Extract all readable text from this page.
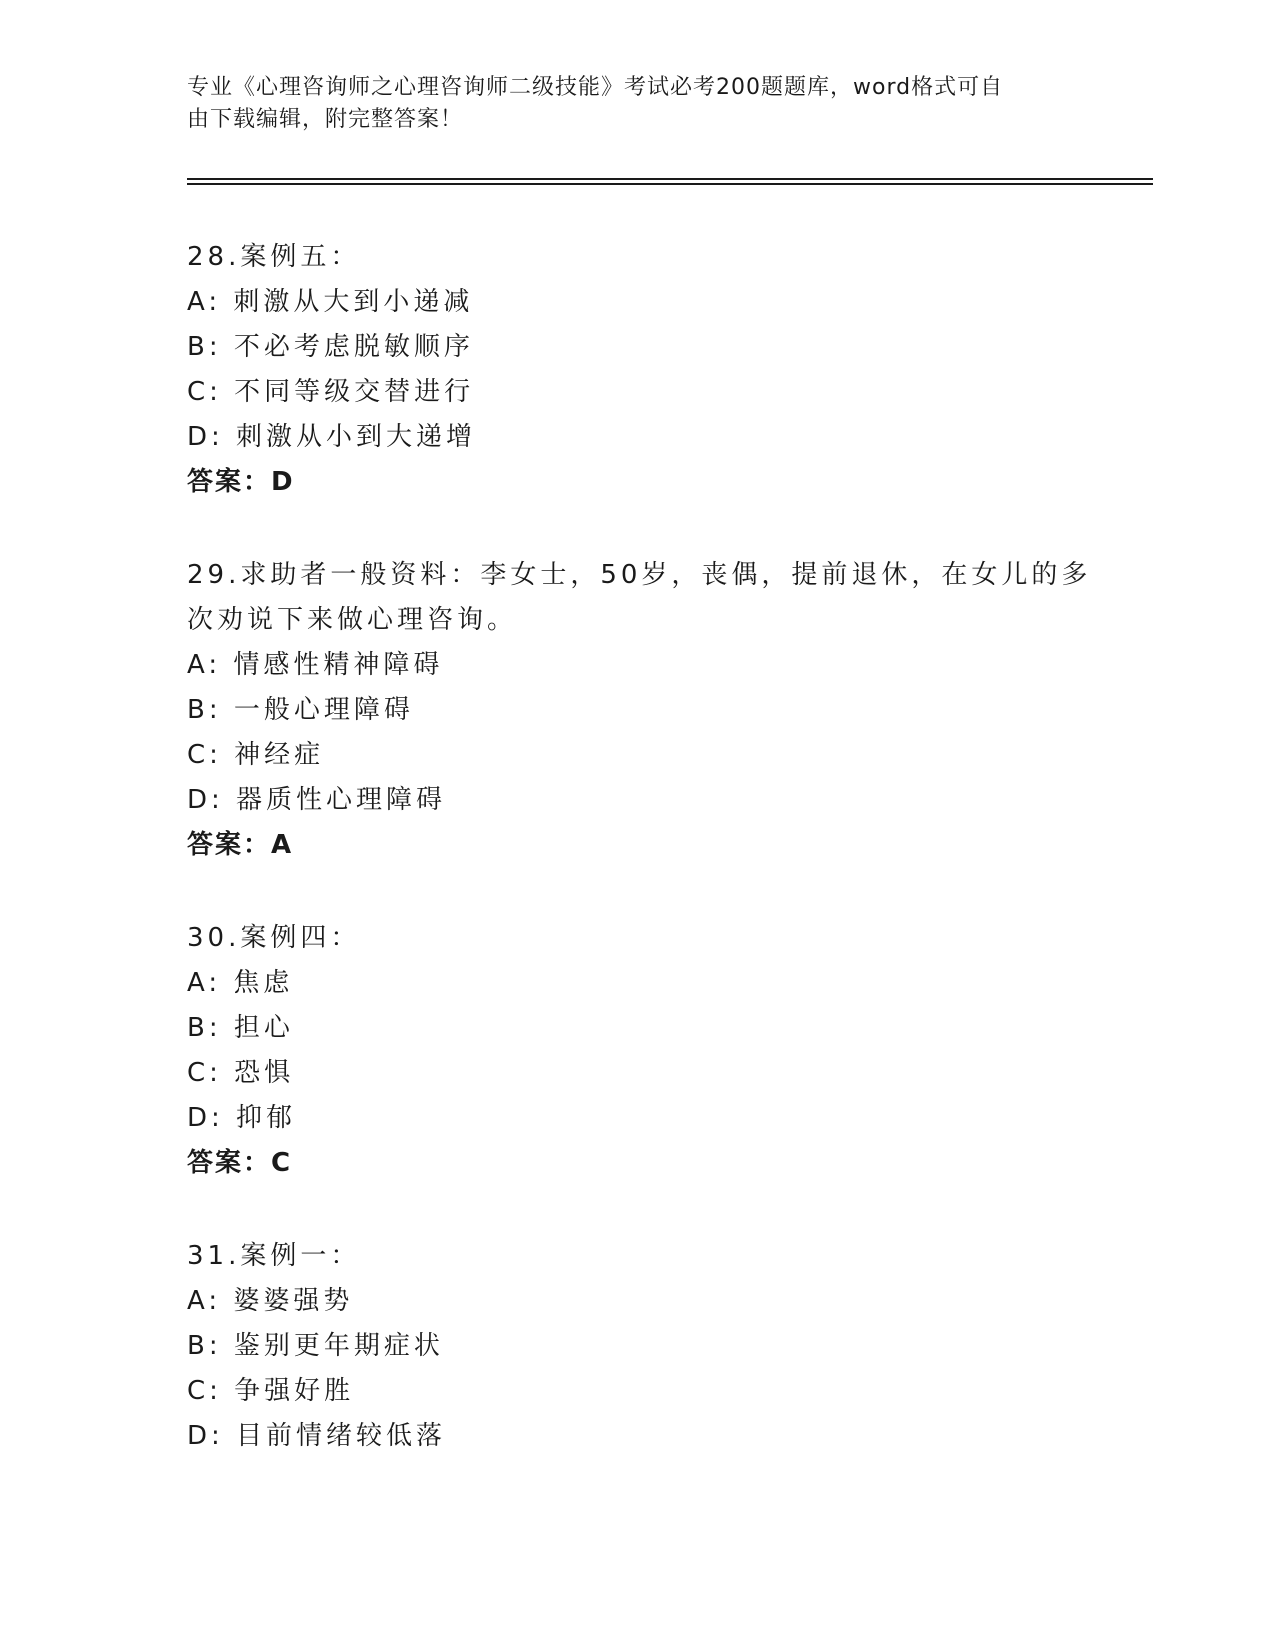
专业《心理咨询师之心理咨询师二级技能》考试必考200题题库，word格式可自
由下载编辑，附完整答案！
28.案例五：
A: 刺激从大到小递减
B: 不必考虑脱敏顺序
C: 不同等级交替进行
D: 刺激从小到大递增
答案：D
29.求助者一般资料：李女士，50岁，丧偶，提前退休，在女儿的多次劝说下来做心理咨询。
A: 情感性精神障碍
B: 一般心理障碍
C: 神经症
D: 器质性心理障碍
答案：A
30.案例四：
A: 焦虑
B: 担心
C: 恐惧
D: 抑郁
答案：C
31.案例一：
A: 婆婆强势
B: 鉴别更年期症状
C: 争强好胜
D: 目前情绪较低落
